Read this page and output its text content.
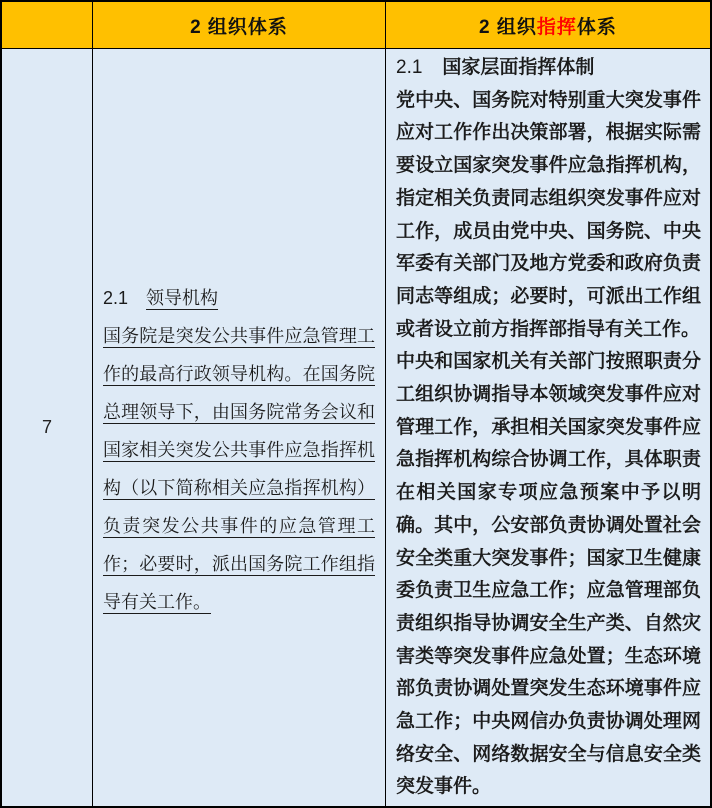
2 组织体系	2 组织指挥体系
7
2.1 领导机构
国务院是突发公共事件应急管理工作的最高行政领导机构。在国务院总理领导下，由国务院常务会议和国家相关突发公共事件应急指挥机构（以下简称相关应急指挥机构）负责突发公共事件的应急管理工作；必要时，派出国务院工作组指导有关工作。
2.1 国家层面指挥体制
党中央、国务院对特别重大突发事件应对工作作出决策部署，根据实际需要设立国家突发事件应急指挥机构，指定相关负责同志组织突发事件应对工作，成员由党中央、国务院、中央军委有关部门及地方党委和政府负责同志等组成；必要时，可派出工作组或者设立前方指挥部指导有关工作。
中央和国家机关有关部门按照职责分工组织协调指导本领域突发事件应对管理工作，承担相关国家突发事件应急指挥机构综合协调工作，具体职责在相关国家专项应急预案中予以明确。其中，公安部负责协调处置社会安全类重大突发事件；国家卫生健康委负责卫生应急工作；应急管理部负责组织指导协调安全生产类、自然灾害类等突发事件应急处置；生态环境部负责协调处置突发生态环境事件应急工作；中央网信办负责协调处理网络安全、网络数据安全与信息安全类突发事件。
